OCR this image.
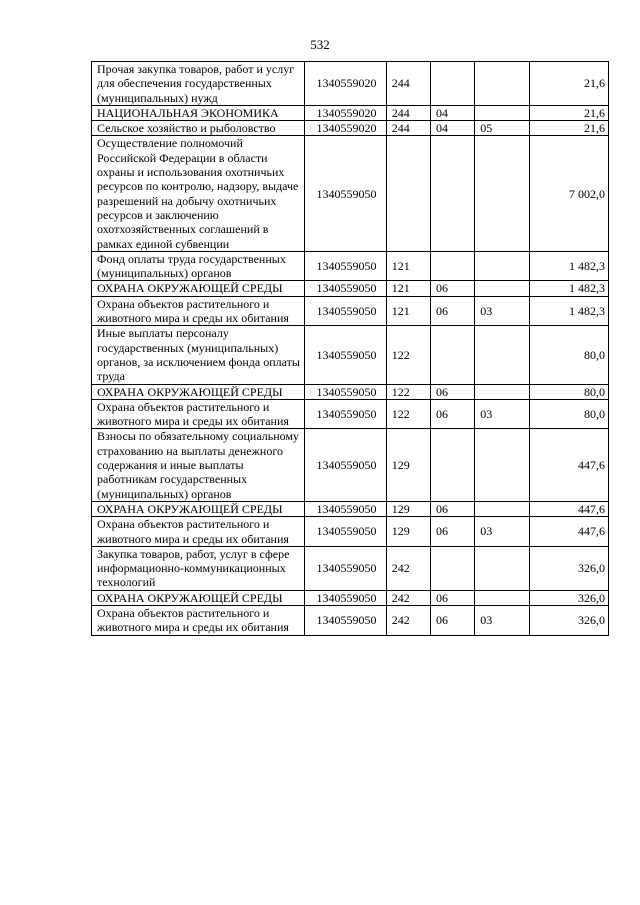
532
Прочая закупка товаров, работ и услуг для обеспечения государственных (муниципальных) нужд	1340559020	244			21,6
НАЦИОНАЛЬНАЯ ЭКОНОМИКА	1340559020	244	04		21,6
Сельское хозяйство и рыболовство	1340559020	244	04	05	21,6
Осуществление полномочий Российской Федерации в области охраны и использования охотничьих ресурсов по контролю, надзору, выдаче разрешений на добычу охотничьих ресурсов и заключению охотхозяйственных соглашений в рамках единой субвенции	1340559050				7 002,0
Фонд оплаты труда государственных (муниципальных) органов	1340559050	121			1 482,3
ОХРАНА ОКРУЖАЮЩЕЙ СРЕДЫ	1340559050	121	06		1 482,3
Охрана объектов растительного и животного мира и среды их обитания	1340559050	121	06	03	1 482,3
Иные выплаты персоналу государственных (муниципальных) органов, за исключением фонда оплаты труда	1340559050	122			80,0
ОХРАНА ОКРУЖАЮЩЕЙ СРЕДЫ	1340559050	122	06		80,0
Охрана объектов растительного и животного мира и среды их обитания	1340559050	122	06	03	80,0
Взносы по обязательному социальному страхованию на выплаты денежного содержания и иные выплаты работникам государственных (муниципальных) органов	1340559050	129			447,6
ОХРАНА ОКРУЖАЮЩЕЙ СРЕДЫ	1340559050	129	06		447,6
Охрана объектов растительного и животного мира и среды их обитания	1340559050	129	06	03	447,6
Закупка товаров, работ, услуг в сфере информационно-коммуникационных технологий	1340559050	242			326,0
ОХРАНА ОКРУЖАЮЩЕЙ СРЕДЫ	1340559050	242	06		326,0
Охрана объектов растительного и животного мира и среды их обитания	1340559050	242	06	03	326,0
